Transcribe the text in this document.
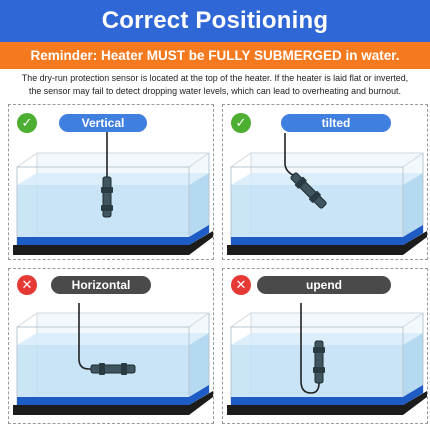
Correct Positioning
Reminder: Heater MUST be FULLY SUBMERGED in water.
The dry-run protection sensor is located at the top of the heater. If the heater is laid flat or inverted,
the sensor may fail to detect dropping water levels, which can lead to overheating and burnout.
✓	Vertical	✓	tilted
✕	Horizontal	✕	upend
